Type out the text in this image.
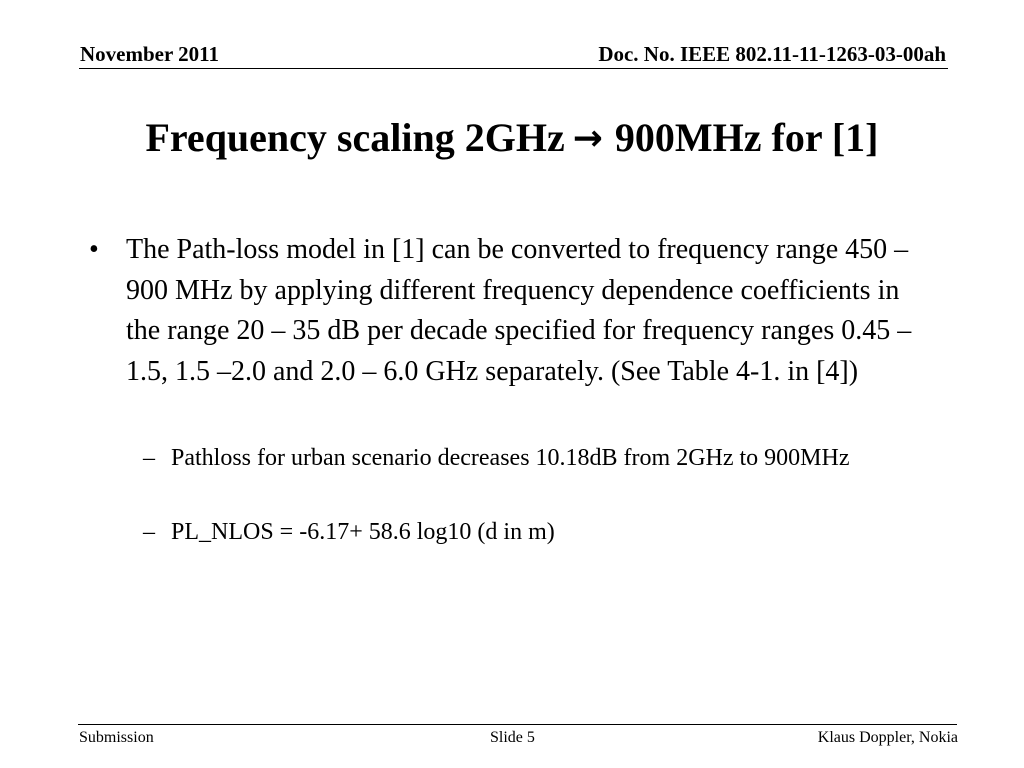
November 2011	Doc. No. IEEE 802.11-11-1263-03-00ah
Frequency scaling 2GHz → 900MHz for [1]
• The Path-loss model in [1] can be converted to frequency range 450 – 900 MHz by applying different frequency dependence coefficients in the range 20 – 35 dB per decade specified for frequency ranges 0.45 – 1.5, 1.5 –2.0 and 2.0 – 6.0 GHz separately. (See Table 4-1. in [4])
– Pathloss for urban scenario decreases 10.18dB from 2GHz to 900MHz
– PL_NLOS = -6.17+ 58.6 log10 (d in m)
Submission	Slide 5	Klaus Doppler, Nokia
